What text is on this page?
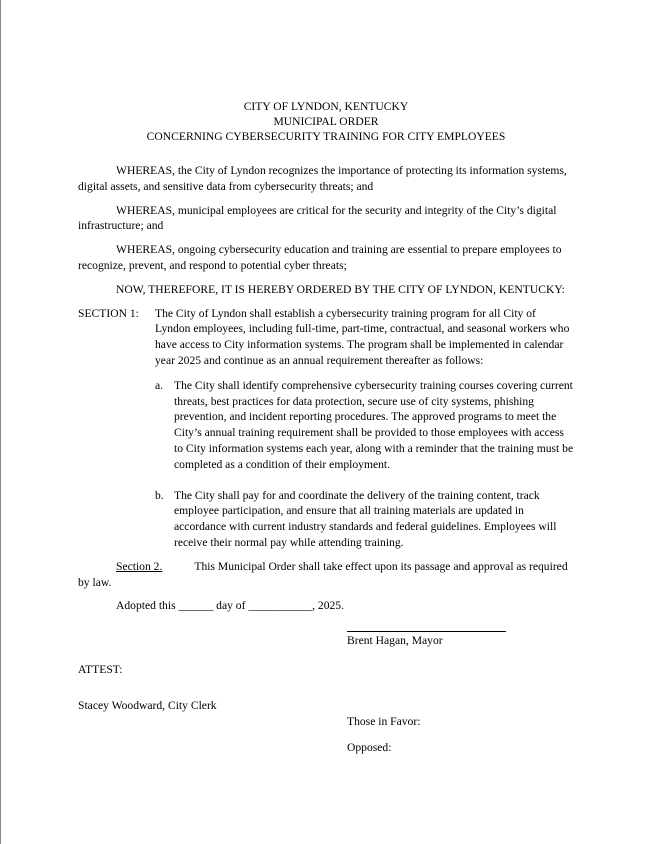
CITY OF LYNDON, KENTUCKY
MUNICIPAL ORDER
CONCERNING CYBERSECURITY TRAINING FOR CITY EMPLOYEES

WHEREAS, the City of Lyndon recognizes the importance of protecting its information systems, digital assets, and sensitive data from cybersecurity threats; and

WHEREAS, municipal employees are critical for the security and integrity of the City’s digital infrastructure; and

WHEREAS, ongoing cybersecurity education and training are essential to prepare employees to recognize, prevent, and respond to potential cyber threats;

NOW, THEREFORE, IT IS HEREBY ORDERED BY THE CITY OF LYNDON, KENTUCKY:

SECTION 1: The City of Lyndon shall establish a cybersecurity training program for all City of Lyndon employees, including full-time, part-time, contractual, and seasonal workers who have access to City information systems. The program shall be implemented in calendar year 2025 and continue as an annual requirement thereafter as follows:
a. The City shall identify comprehensive cybersecurity training courses covering current threats, best practices for data protection, secure use of city systems, phishing prevention, and incident reporting procedures. The approved programs to meet the City’s annual training requirement shall be provided to those employees with access to City information systems each year, along with a reminder that the training must be completed as a condition of their employment.
b. The City shall pay for and coordinate the delivery of the training content, track employee participation, and ensure that all training materials are updated in accordance with current industry standards and federal guidelines. Employees will receive their normal pay while attending training.

Section 2.	This Municipal Order shall take effect upon its passage and approval as required by law.

Adopted this ______ day of ___________, 2025.

Brent Hagan, Mayor
ATTEST:
Stacey Woodward, City Clerk
Those in Favor:
Opposed:
